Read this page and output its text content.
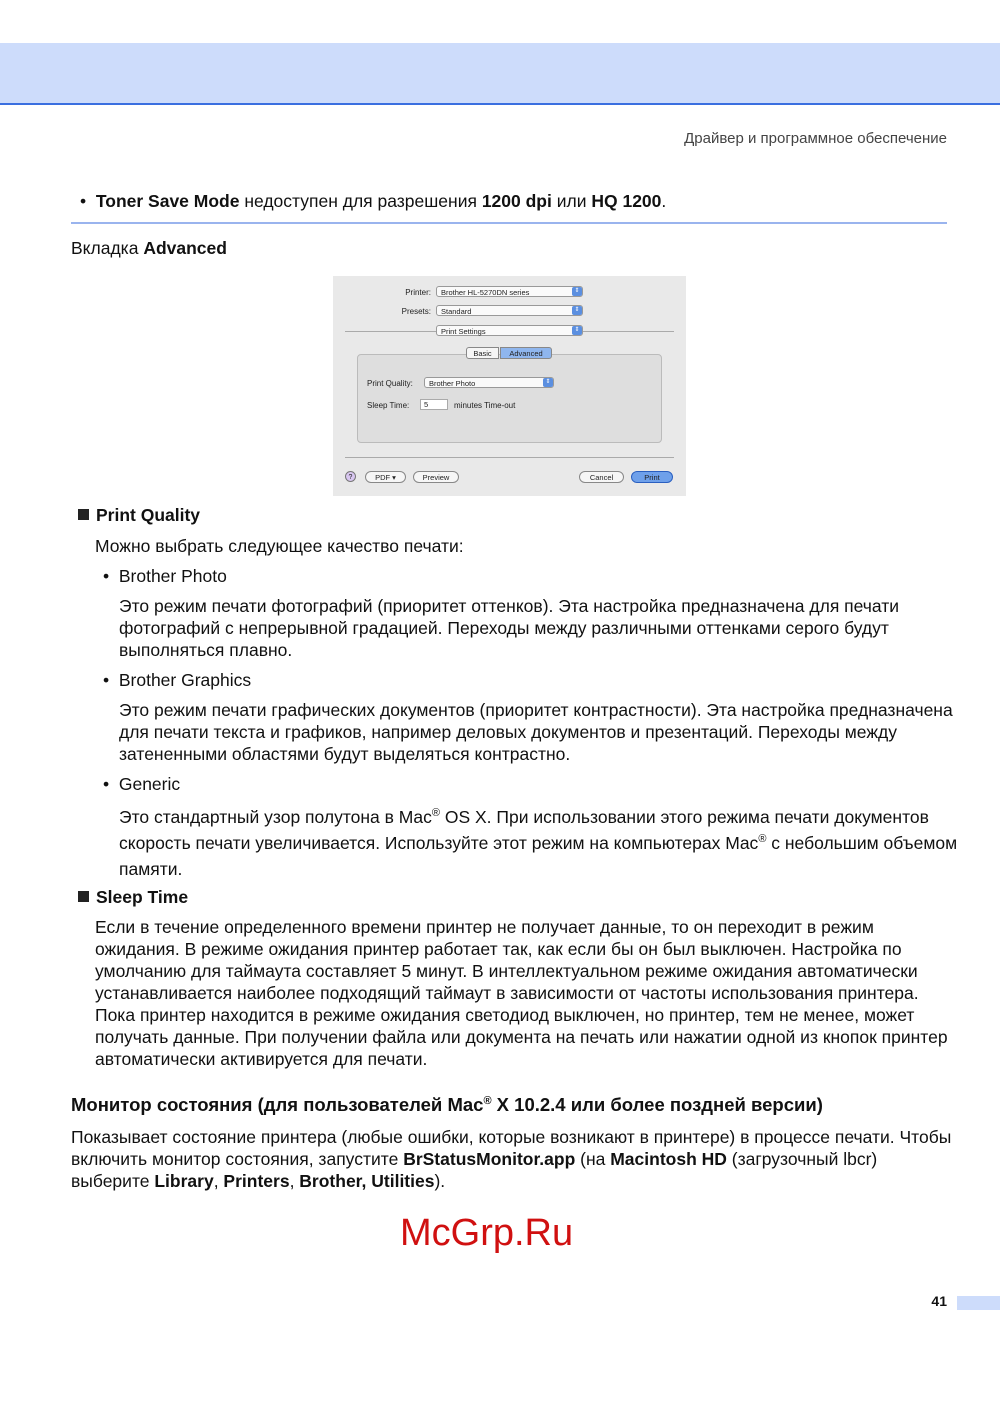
Драйвер и программное обеспечение
•  Toner Save Mode недоступен для разрешения 1200 dpi или HQ 1200.
Вкладка Advanced
Printer:	Brother HL-5270DN series	⇕
Presets:	Standard	⇕
Print Settings	⇕
Basic	Advanced
Print Quality:	Brother Photo	⇕
Sleep Time:	5	minutes Time-out
?	PDF ▾	Preview	Cancel	Print
Print Quality
Можно выбрать следующее качество печати:
•  Brother Photo
Это режим печати фотографий (приоритет оттенков). Эта настройка предназначена для печати фотографий с непрерывной градацией. Переходы между различными оттенками серого будут выполняться плавно.
•  Brother Graphics
Это режим печати графических документов (приоритет контрастности). Эта настройка предназначена для печати текста и графиков, например деловых документов и презентаций. Переходы между затененными областями будут выделяться контрастно.
•  Generic
Это стандартный узор полутона в Mac® OS X. При использовании этого режима печати документов скорость печати увеличивается. Используйте этот режим на компьютерах Mac® с небольшим объемом памяти.
Sleep Time
Если в течение определенного времени принтер не получает данные, то он переходит в режим ожидания. В режиме ожидания принтер работает так, как если бы он был выключен. Настройка по умолчанию для таймаута составляет 5 минут. В интеллектуальном режиме ожидания автоматически устанавливается наиболее подходящий таймаут в зависимости от частоты использования принтера. Пока принтер находится в режиме ожидания светодиод выключен, но принтер, тем не менее, может получать данные. При получении файла или документа на печать или нажатии одной из кнопок принтер автоматически активируется для печати.
Монитор состояния (для пользователей Mac® X 10.2.4 или более поздней версии)
Показывает состояние принтера (любые ошибки, которые возникают в принтере) в процессе печати. Чтобы включить монитор состояния, запустите BrStatusMonitor.app (на Macintosh HD (загрузочный lbcr) выберите Library, Printers, Brother, Utilities).
McGrp.Ru
41
